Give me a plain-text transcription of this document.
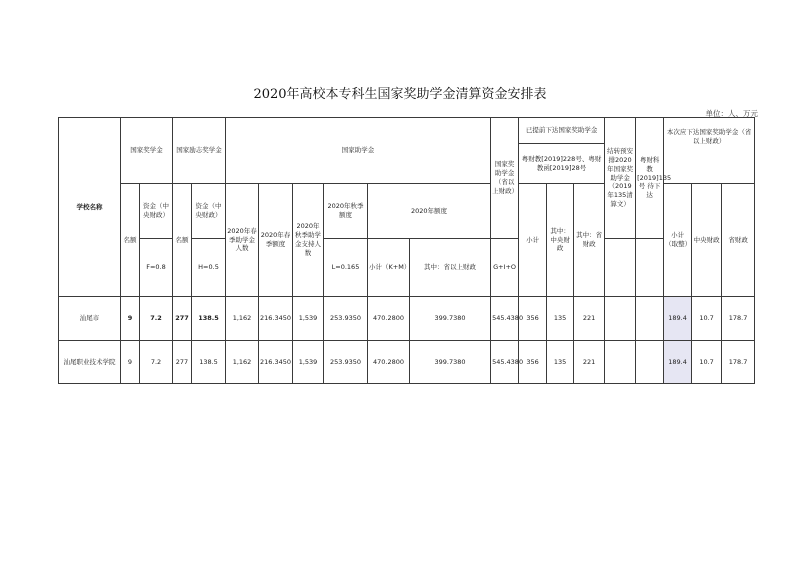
2020年高校本专科生国家奖助学金清算资金安排表
单位：人、万元
学校名称	国家奖学金		国家励志奖学金		国家助学金						国家奖助学金（省以上财政）	已提前下达国家奖助学金			结转预安排2020年国家奖助学金（2019年135清算文）	粤财科教[2019]135号 待下达	本次应下达国家奖助学金（省以上财政）	
												粤财教[2019]228号、粤财教函[2019]28号								
	名额	资金（中央财政）	名额	资金（中央财政）	2020年春季助学金人数	2020年春季额度	2020年秋季助学金支持人数	2020年秋季额度	2020年额度			小计	其中：中央财政	其中：省财政			小计（取整）	中央财政	省财政	
		F=0.8		H=0.5				L=0.165	小计（K+M）	其中：省以上财政	G+I+O									
汕尾市	9	7.2	277	138.5	1,162	216.3450	1,539	253.9350	470.2800	399.7380	545.4380	356	135	221			189.4	10.7	178.7	
汕尾职业技术学院	9	7.2	277	138.5	1,162	216.3450	1,539	253.9350	470.2800	399.7380	545.4380	356	135	221			189.4	10.7	178.7	
